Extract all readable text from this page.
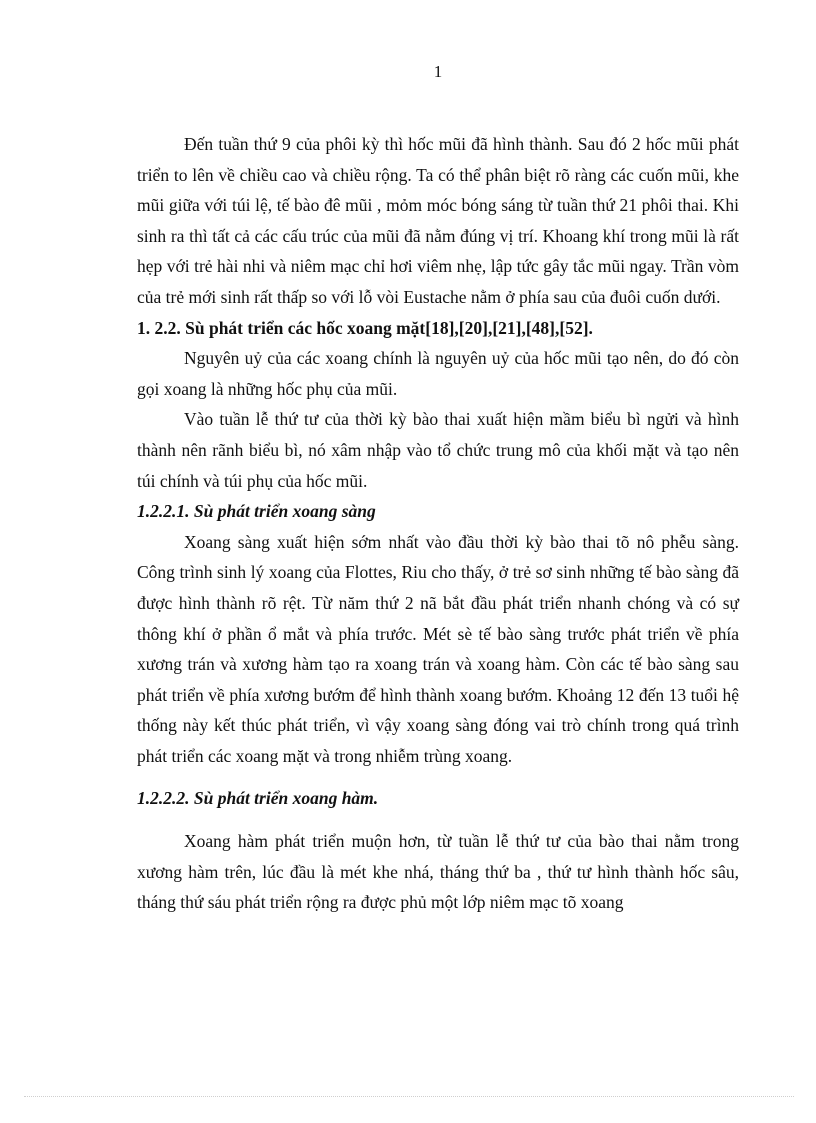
1

Đến tuần thứ 9 của phôi kỳ thì hốc mũi đã hình thành. Sau đó 2 hốc mũi phát triển to lên về chiều cao và chiều rộng. Ta có thể phân biệt rõ ràng các cuốn mũi, khe mũi giữa với túi lệ, tế bào đê mũi , mỏm móc bóng sáng từ tuần thứ 21 phôi thai. Khi sinh ra thì tất cả các cấu trúc của mũi đã nằm đúng vị trí. Khoang khí trong mũi là rất hẹp với trẻ hài nhi và niêm mạc chỉ hơi viêm nhẹ, lập tức gây tắc mũi ngay. Trần vòm của trẻ mới sinh rất thấp so với lỗ vòi Eustache nằm ở phía sau của đuôi cuốn dưới.

1. 2.2. Sù phát triển các hốc xoang mặt[18],[20],[21],[48],[52].

Nguyên uỷ của các xoang chính là nguyên uỷ của hốc mũi tạo nên, do đó còn gọi xoang là những hốc phụ của mũi.

Vào tuần lễ thứ tư của thời kỳ bào thai xuất hiện mầm biểu bì ngửi và hình thành nên rãnh biểu bì, nó xâm nhập vào tổ chức trung mô của khối mặt và tạo nên túi chính và túi phụ của hốc mũi.

1.2.2.1. Sù phát triển xoang sàng

Xoang sàng xuất hiện sớm nhất vào đầu thời kỳ bào thai tõ nô phễu sàng. Công trình sinh lý xoang của Flottes, Riu cho thấy, ở trẻ sơ sinh những tế bào sàng đã được hình thành rõ rệt. Từ năm thứ 2 nã bắt đầu phát triển nhanh chóng và có sự thông khí ở phần ổ mắt và phía trước. Mét sè tế bào sàng trước phát triển về phía xương trán và xương hàm tạo ra xoang trán và xoang hàm. Còn các tế bào sàng sau phát triển về phía xương bướm để hình thành xoang bướm. Khoảng 12 đến 13 tuổi hệ thống này kết thúc phát triển, vì vậy xoang sàng đóng vai trò chính trong quá trình phát triển các xoang mặt và trong nhiễm trùng xoang.

1.2.2.2. Sù phát triển xoang hàm.

Xoang hàm phát triển muộn hơn, từ tuần lễ thứ tư của bào thai nằm trong xương hàm trên, lúc đầu là mét khe nhá, tháng thứ ba , thứ tư hình thành hốc sâu, tháng thứ sáu phát triển rộng ra được phủ một lớp niêm mạc tõ xoang
